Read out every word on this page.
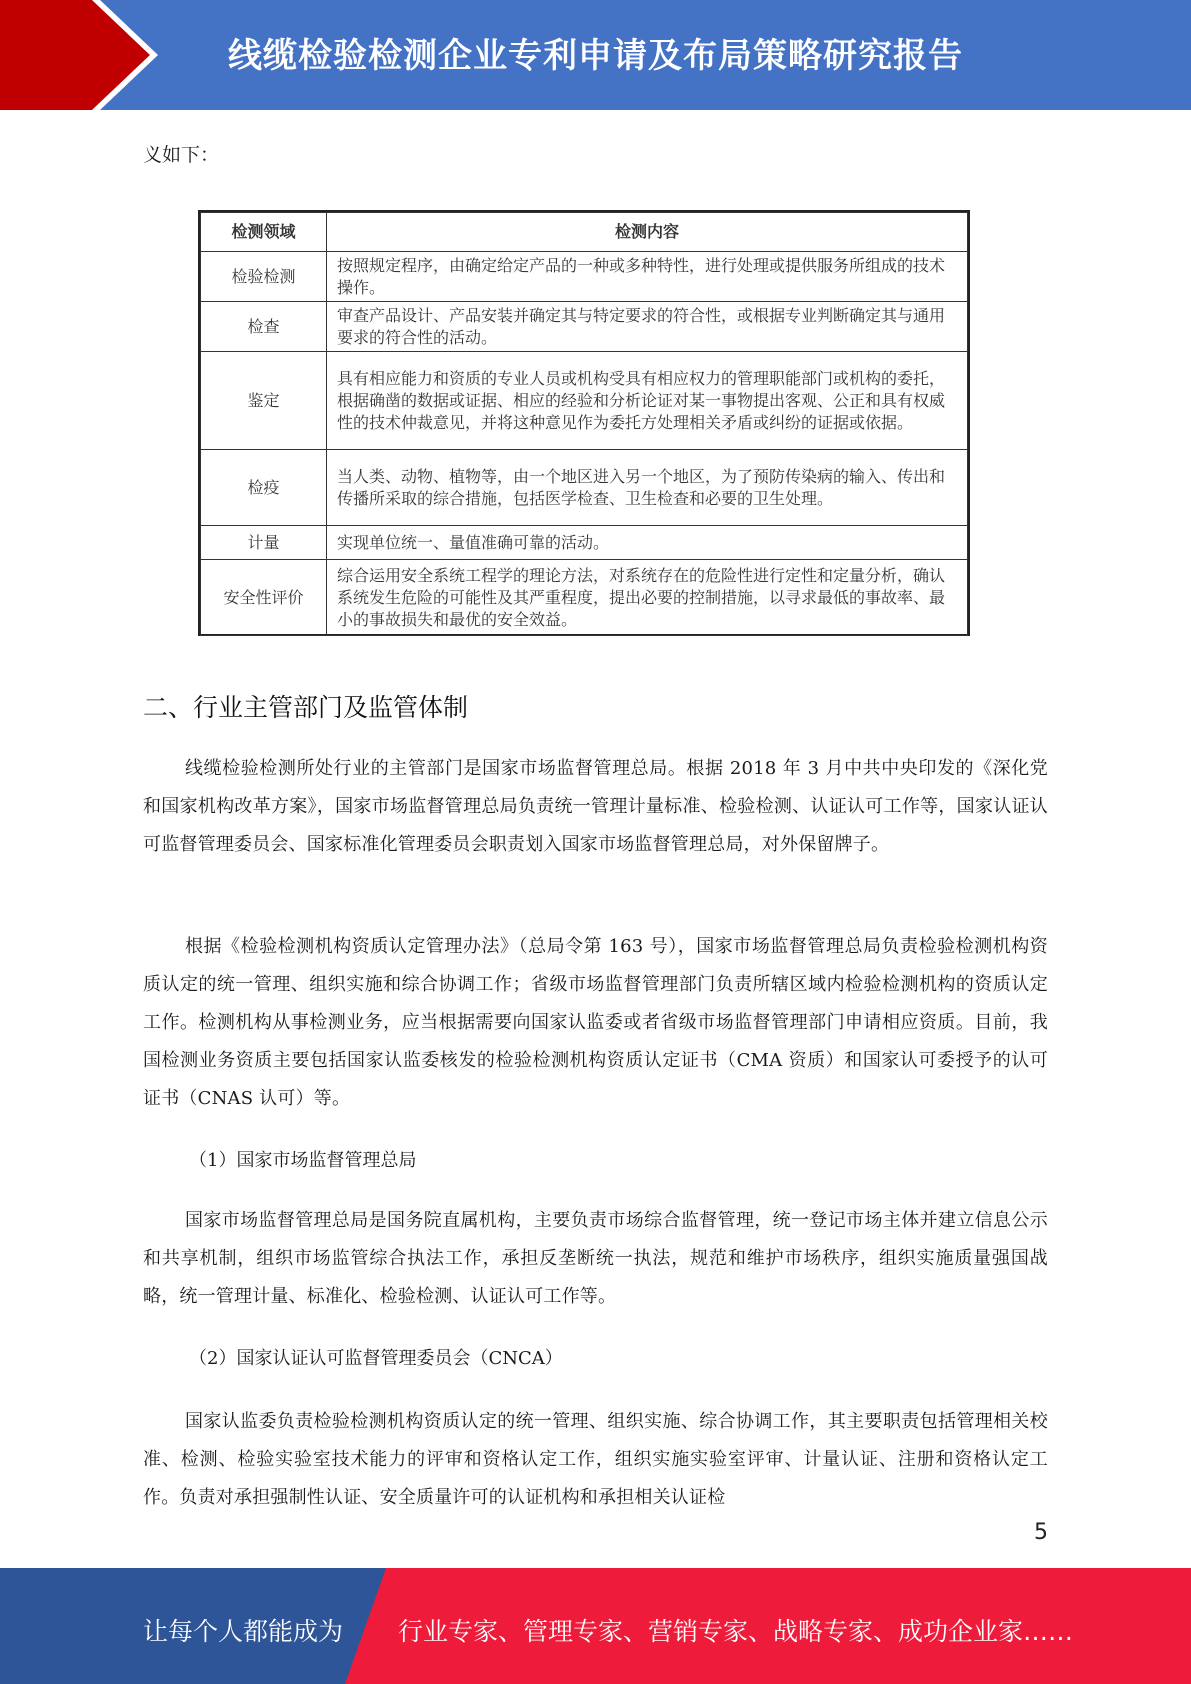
线缆检验检测企业专利申请及布局策略研究报告
义如下：
检测领域	检测内容
检验检测	按照规定程序，由确定给定产品的一种或多种特性，进行处理或提供服务所组成的技术操作。
检查	审查产品设计、产品安装并确定其与特定要求的符合性，或根据专业判断确定其与通用要求的符合性的活动。
鉴定	具有相应能力和资质的专业人员或机构受具有相应权力的管理职能部门或机构的委托，根据确凿的数据或证据、相应的经验和分析论证对某一事物提出客观、公正和具有权威性的技术仲裁意见，并将这种意见作为委托方处理相关矛盾或纠纷的证据或依据。
检疫	当人类、动物、植物等，由一个地区进入另一个地区，为了预防传染病的输入、传出和传播所采取的综合措施，包括医学检查、卫生检查和必要的卫生处理。
计量	实现单位统一、量值准确可靠的活动。
安全性评价	综合运用安全系统工程学的理论方法，对系统存在的危险性进行定性和定量分析，确认系统发生危险的可能性及其严重程度，提出必要的控制措施，以寻求最低的事故率、最小的事故损失和最优的安全效益。
二、行业主管部门及监管体制

线缆检验检测所处行业的主管部门是国家市场监督管理总局。根据 2018 年 3 月中共中央印发的《深化党和国家机构改革方案》，国家市场监督管理总局负责统一管理计量标准、检验检测、认证认可工作等，国家认证认可监督管理委员会、国家标准化管理委员会职责划入国家市场监督管理总局，对外保留牌子。

根据《检验检测机构资质认定管理办法》（总局令第 163 号），国家市场监督管理总局负责检验检测机构资质认定的统一管理、组织实施和综合协调工作；省级市场监督管理部门负责所辖区域内检验检测机构的资质认定工作。检测机构从事检测业务，应当根据需要向国家认监委或者省级市场监督管理部门申请相应资质。目前，我国检测业务资质主要包括国家认监委核发的检验检测机构资质认定证书（CMA 资质）和国家认可委授予的认可证书（CNAS 认可）等。

（1）国家市场监督管理总局

国家市场监督管理总局是国务院直属机构，主要负责市场综合监督管理，统一登记市场主体并建立信息公示和共享机制，组织市场监管综合执法工作，承担反垄断统一执法，规范和维护市场秩序，组织实施质量强国战略，统一管理计量、标准化、检验检测、认证认可工作等。

（2）国家认证认可监督管理委员会（CNCA）

国家认监委负责检验检测机构资质认定的统一管理、组织实施、综合协调工作，其主要职责包括管理相关校准、检测、检验实验室技术能力的评审和资格认定工作，组织实施实验室评审、计量认证、注册和资格认定工作。负责对承担强制性认证、安全质量许可的认证机构和承担相关认证检

5
让每个人都能成为 行业专家、管理专家、营销专家、战略专家、成功企业家……
